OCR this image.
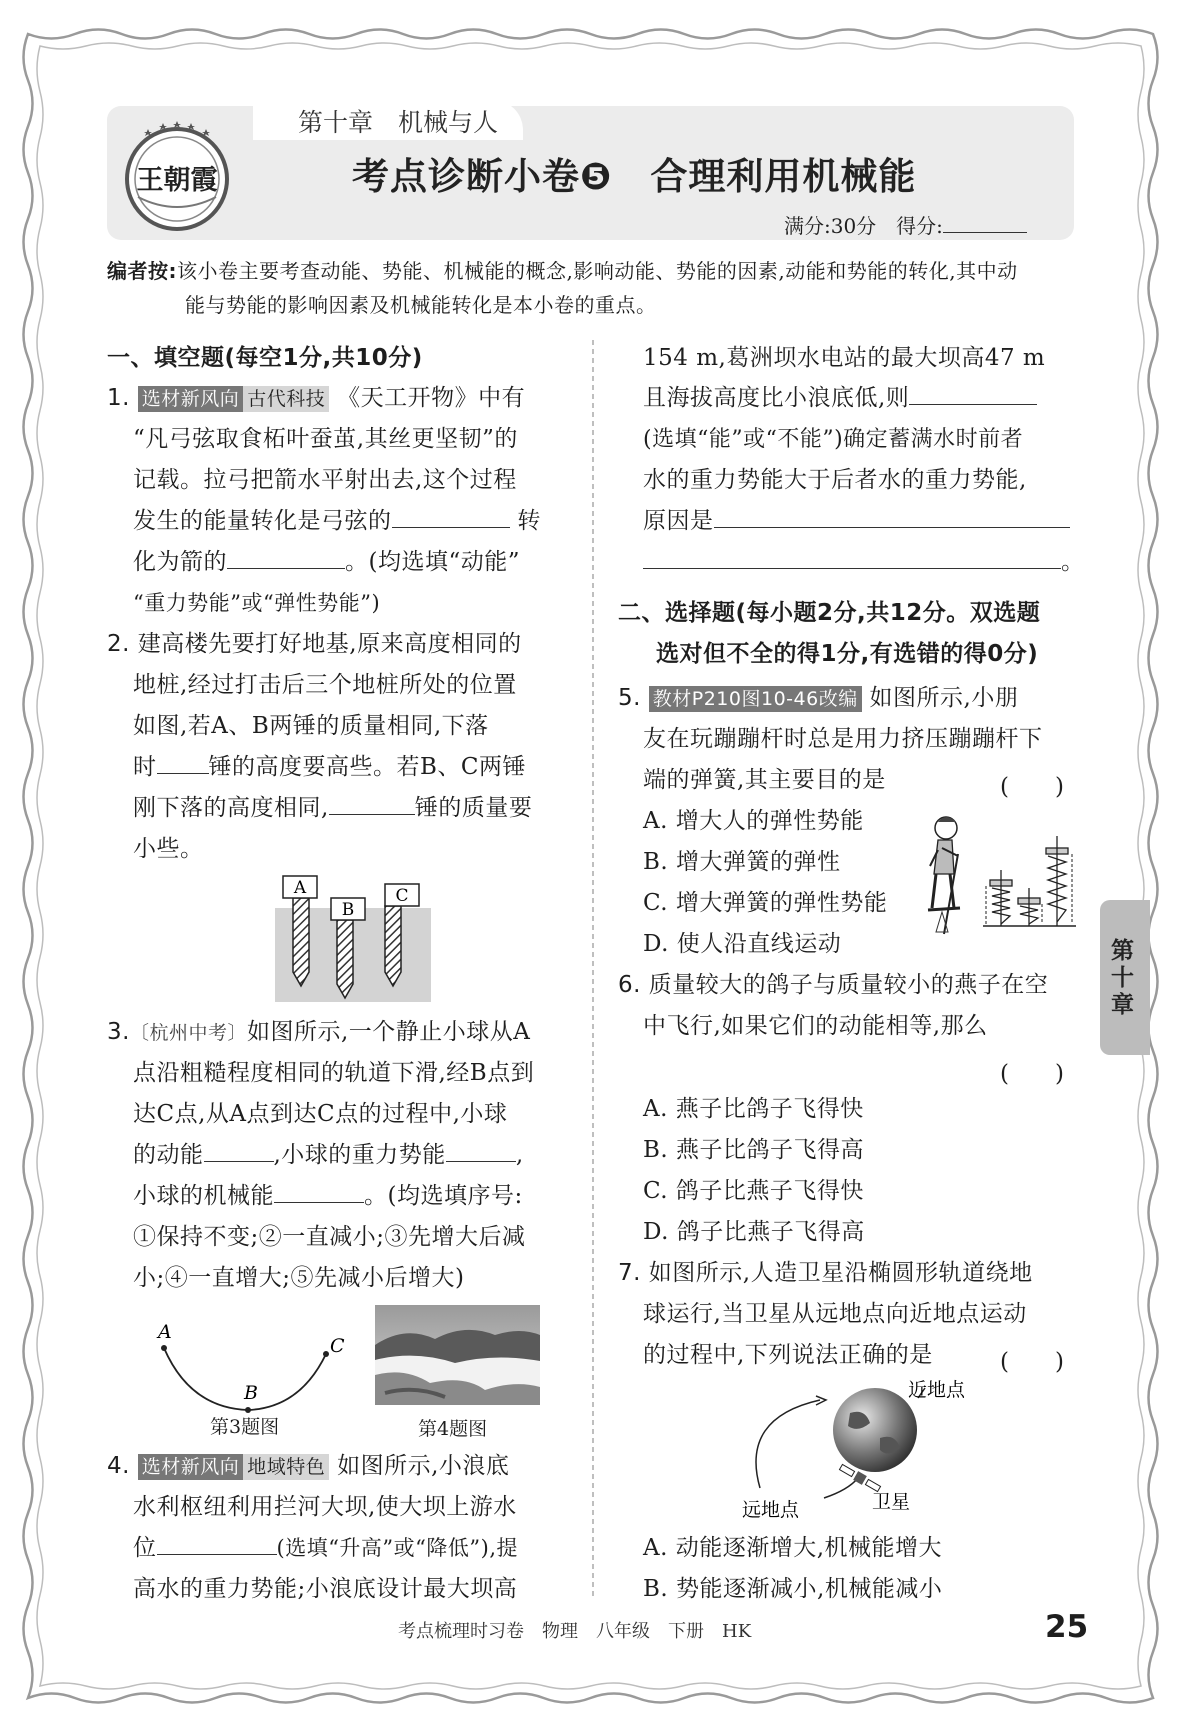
第十章　机械与人
考点诊断小卷❺　合理利用机械能
满分:30分　得分:
王朝霞
编者按:该小卷主要考查动能、势能、机械能的概念,影响动能、势能的因素,动能和势能的转化,其中动
能与势能的影响因素及机械能转化是本小卷的重点。
一、填空题(每空1分,共10分)
1. 选材新风向 古代科技 《天工开物》中有
“凡弓弦取食柘叶蚕茧,其丝更坚韧”的
记载。拉弓把箭水平射出去,这个过程
发生的能量转化是弓弦的	转
化为箭的	。(均选填“动能”
“重力势能”或“弹性势能”)
2. 建高楼先要打好地基,原来高度相同的
地桩,经过打击后三个地桩所处的位置
如图,若A、B两锤的质量相同,下落
时 锤的高度要高些。若B、C两锤
刚下落的高度相同,	锤的质量要
小些。
A
B
C
3.〔杭州中考〕如图所示,一个静止小球从A
点沿粗糙程度相同的轨道下滑,经B点到
达C点,从A点到达C点的过程中,小球
的动能	,小球的重力势能	,
小球的机械能	。(均选填序号:
①保持不变;②一直减小;③先增大后减
小;④一直增大;⑤先减小后增大)
A
B
C
第3题图	第4题图
4. 选材新风向 地域特色 如图所示,小浪底
水利枢纽利用拦河大坝,使大坝上游水
位	(选填“升高”或“降低”),提
高水的重力势能;小浪底设计最大坝高
154 m,葛洲坝水电站的最大坝高47 m
且海拔高度比小浪底低,则
(选填“能”或“不能”)确定蓄满水时前者
水的重力势能大于后者水的重力势能,
原因是
。
二、选择题(每小题2分,共12分。双选题
选对但不全的得1分,有选错的得0分)
5. 教材P210图10-46改编 如图所示,小朋
友在玩蹦蹦杆时总是用力挤压蹦蹦杆下
端的弹簧,其主要目的是	(　　)
A. 增大人的弹性势能
B. 增大弹簧的弹性
C. 增大弹簧的弹性势能
D. 使人沿直线运动
6. 质量较大的鸽子与质量较小的燕子在空
中飞行,如果它们的动能相等,那么
(　　)
A. 燕子比鸽子飞得快
B. 燕子比鸽子飞得高
C. 鸽子比燕子飞得快
D. 鸽子比燕子飞得高
7. 如图所示,人造卫星沿椭圆形轨道绕地
球运行,当卫星从远地点向近地点运动
的过程中,下列说法正确的是	(　　)
近地点
远地点	卫星
A. 动能逐渐增大,机械能增大
B. 势能逐渐减小,机械能减小
第十章
考点梳理时习卷　物理　八年级　下册　HK	25
